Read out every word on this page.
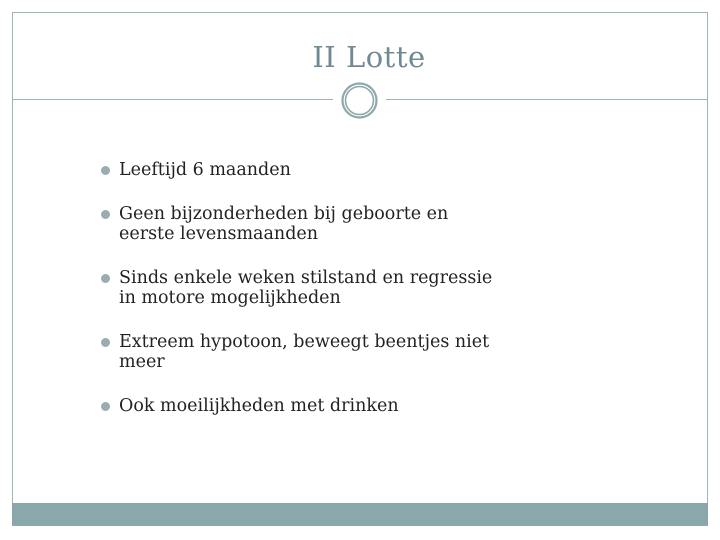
II Lotte
Leeftijd 6 maanden
Geen bijzonderheden bij geboorte en eerste levensmaanden
Sinds enkele weken stilstand en regressie in motore mogelijkheden
Extreem hypotoon, beweegt beentjes niet meer
Ook moeilijkheden met drinken
